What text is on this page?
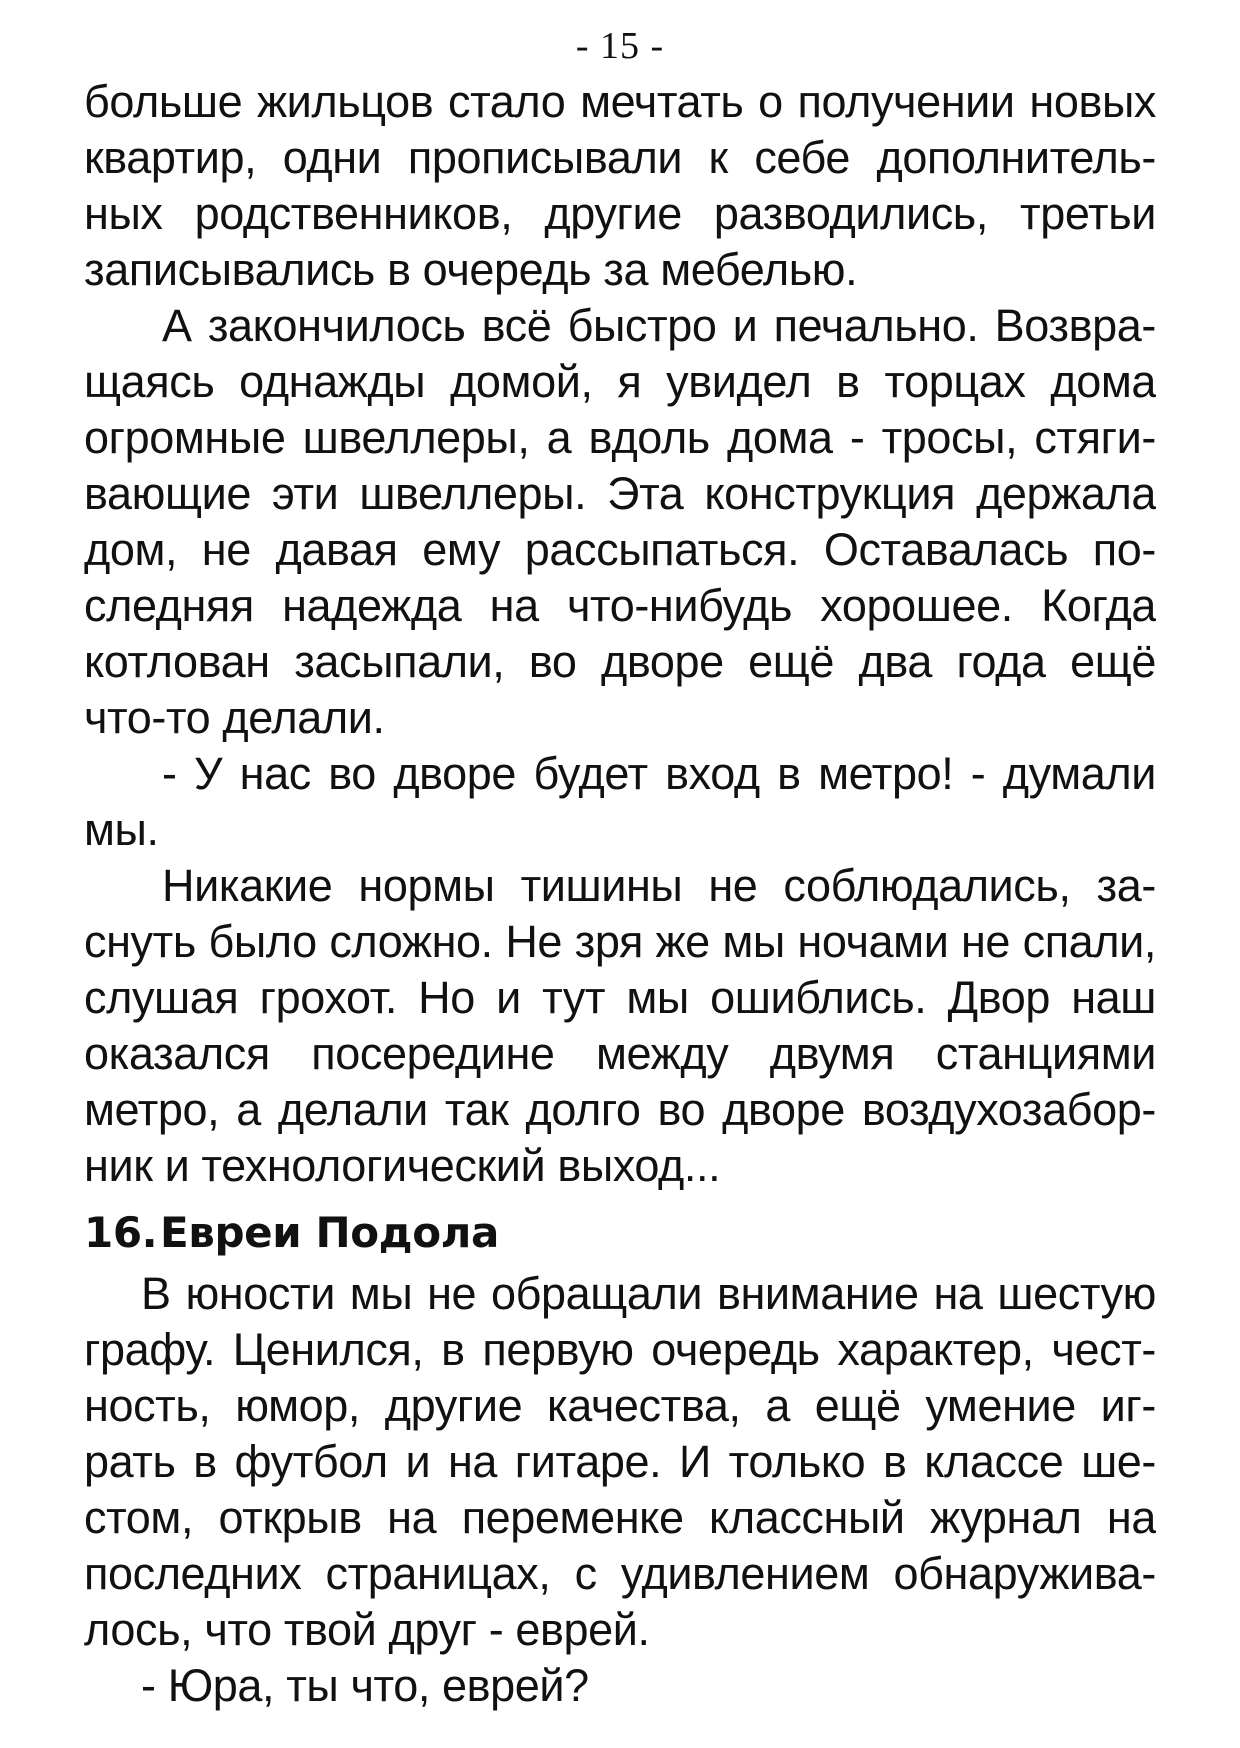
- 15 -
больше жильцов стало мечтать о получении новых
квартир, одни прописывали к себе дополнитель-
ных родственников, другие разводились, третьи
записывались в очередь за мебелью.
А закончилось всё быстро и печально. Возвра-
щаясь однажды домой, я увидел в торцах дома
огромные швеллеры, а вдоль дома - тросы, стяги-
вающие эти швеллеры. Эта конструкция держала
дом, не давая ему рассыпаться. Оставалась по-
следняя надежда на что-нибудь хорошее. Когда
котлован засыпали, во дворе ещё два года ещё
что-то делали.
- У нас во дворе будет вход в метро! - думали
мы.
Никакие нормы тишины не соблюдались, за-
снуть было сложно. Не зря же мы ночами не спали,
слушая грохот. Но и тут мы ошиблись. Двор наш
оказался посередине между двумя станциями
метро, а делали так долго во дворе воздухозабор-
ник и технологический выход...
16.Евреи Подола
В юности мы не обращали внимание на шестую
графу. Ценился, в первую очередь характер, чест-
ность, юмор, другие качества, а ещё умение иг-
рать в футбол и на гитаре. И только в классе ше-
стом, открыв на переменке классный журнал на
последних страницах, с удивлением обнаружива-
лось, что твой друг - еврей.
- Юра, ты что, еврей?
